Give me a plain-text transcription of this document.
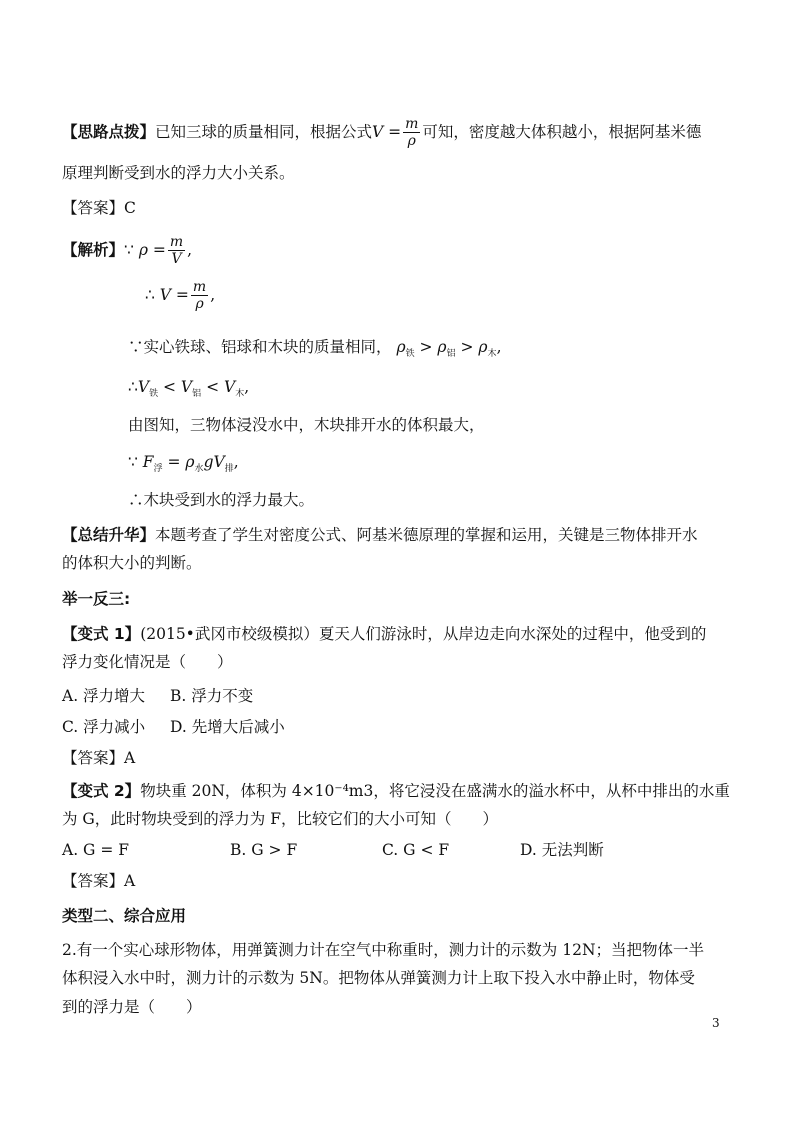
【思路点拨】已知三球的质量相同，根据公式$V = \frac{m}{\rho}$ 可知，密度越大体积越小，根据阿基米德
原理判断受到水的浮力大小关系。
【答案】C
【解析】∵ $\rho = \frac{m}{V}$ ,
∴ $V = \frac{m}{\rho}$ ,
∵实心铁球、铝球和木块的质量相同， $\rho_铁 > \rho_铝 > \rho_木$,
$\therefore V_铁 < V_铝 < V_木$,
由图知，三物体浸没水中，木块排开水的体积最大，
∵ $F_浮 = \rho_水gV_排$,
∴木块受到水的浮力最大。
【总结升华】本题考查了学生对密度公式、阿基米德原理的掌握和运用，关键是三物体排开水
的体积大小的判断。
举一反三:
【变式 1】(2015•武冈市校级模拟）夏天人们游泳时，从岸边走向水深处的过程中，他受到的
浮力变化情况是（　　）
A. 浮力增大 B. 浮力不变
C. 浮力减小 D. 先增大后减小
【答案】A
【变式 2】物块重 20N，体积为 4×10⁻⁴m3，将它浸没在盛满水的溢水杯中，从杯中排出的水重
为 G，此时物块受到的浮力为 F，比较它们的大小可知（　　）
A. G = F	B. G > F	C. G < F	D. 无法判断
【答案】A
类型二、综合应用
2.有一个实心球形物体，用弹簧测力计在空气中称重时，测力计的示数为 12N；当把物体一半
体积浸入水中时，测力计的示数为 5N。把物体从弹簧测力计上取下投入水中静止时，物体受
到的浮力是（　　）
3
